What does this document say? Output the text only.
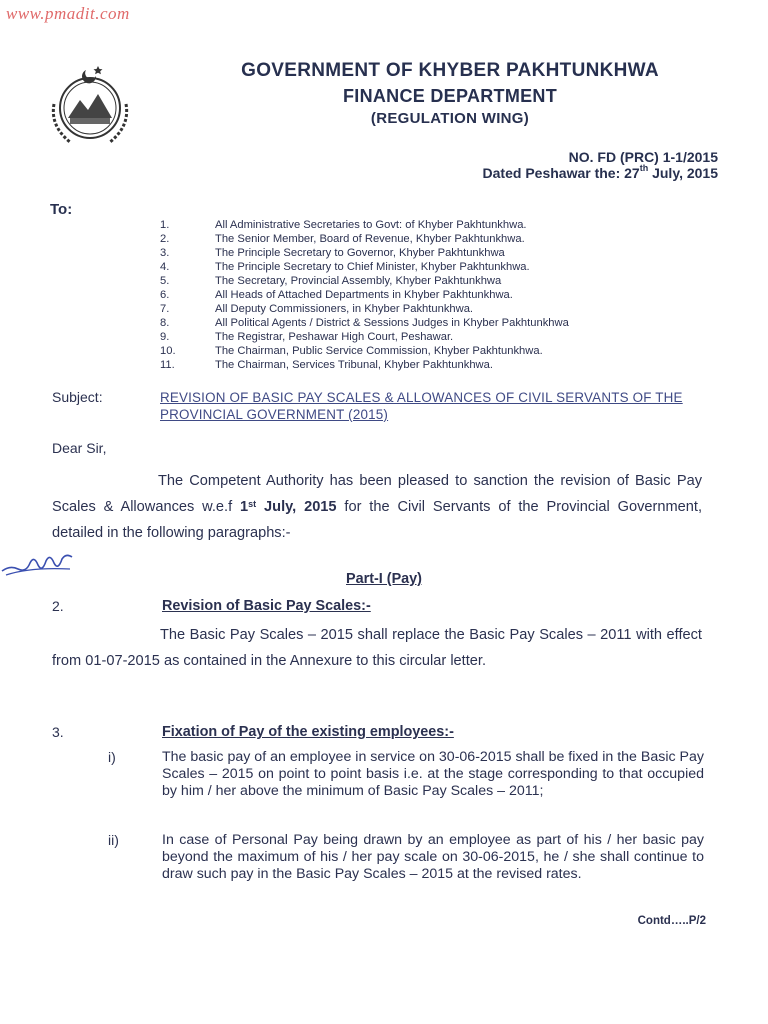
www.pmadit.com
GOVERNMENT OF KHYBER PAKHTUNKHWA
FINANCE DEPARTMENT
(REGULATION WING)
NO. FD (PRC) 1-1/2015
Dated Peshawar the: 27th July, 2015
To:
1.	All Administrative Secretaries to Govt: of Khyber Pakhtunkhwa.
2.	The Senior Member, Board of Revenue, Khyber Pakhtunkhwa.
3.	The Principle Secretary to Governor, Khyber Pakhtunkhwa
4.	The Principle Secretary to Chief Minister, Khyber Pakhtunkhwa.
5.	The Secretary, Provincial Assembly, Khyber Pakhtunkhwa
6.	All Heads of Attached Departments in Khyber Pakhtunkhwa.
7.	All Deputy Commissioners, in Khyber Pakhtunkhwa.
8.	All Political Agents / District & Sessions Judges in Khyber Pakhtunkhwa
9.	The Registrar, Peshawar High Court, Peshawar.
10.	The Chairman, Public Service Commission, Khyber Pakhtunkhwa.
11.	The Chairman, Services Tribunal, Khyber Pakhtunkhwa.
Subject:	REVISION OF BASIC PAY SCALES & ALLOWANCES OF CIVIL SERVANTS OF THE PROVINCIAL GOVERNMENT (2015)
Dear Sir,
The Competent Authority has been pleased to sanction the revision of Basic Pay Scales & Allowances w.e.f 1st July, 2015 for the Civil Servants of the Provincial Government, detailed in the following paragraphs:-
Part-I (Pay)
2.	Revision of Basic Pay Scales:-
The Basic Pay Scales – 2015 shall replace the Basic Pay Scales – 2011 with effect from 01-07-2015 as contained in the Annexure to this circular letter.
3.	Fixation of Pay of the existing employees:-
i)	The basic pay of an employee in service on 30-06-2015 shall be fixed in the Basic Pay Scales – 2015 on point to point basis i.e. at the stage corresponding to that occupied by him / her above the minimum of Basic Pay Scales – 2011;
ii)	In case of Personal Pay being drawn by an employee as part of his / her basic pay beyond the maximum of his / her pay scale on 30-06-2015, he / she shall continue to draw such pay in the Basic Pay Scales – 2015 at the revised rates.
Contd…..P/2
